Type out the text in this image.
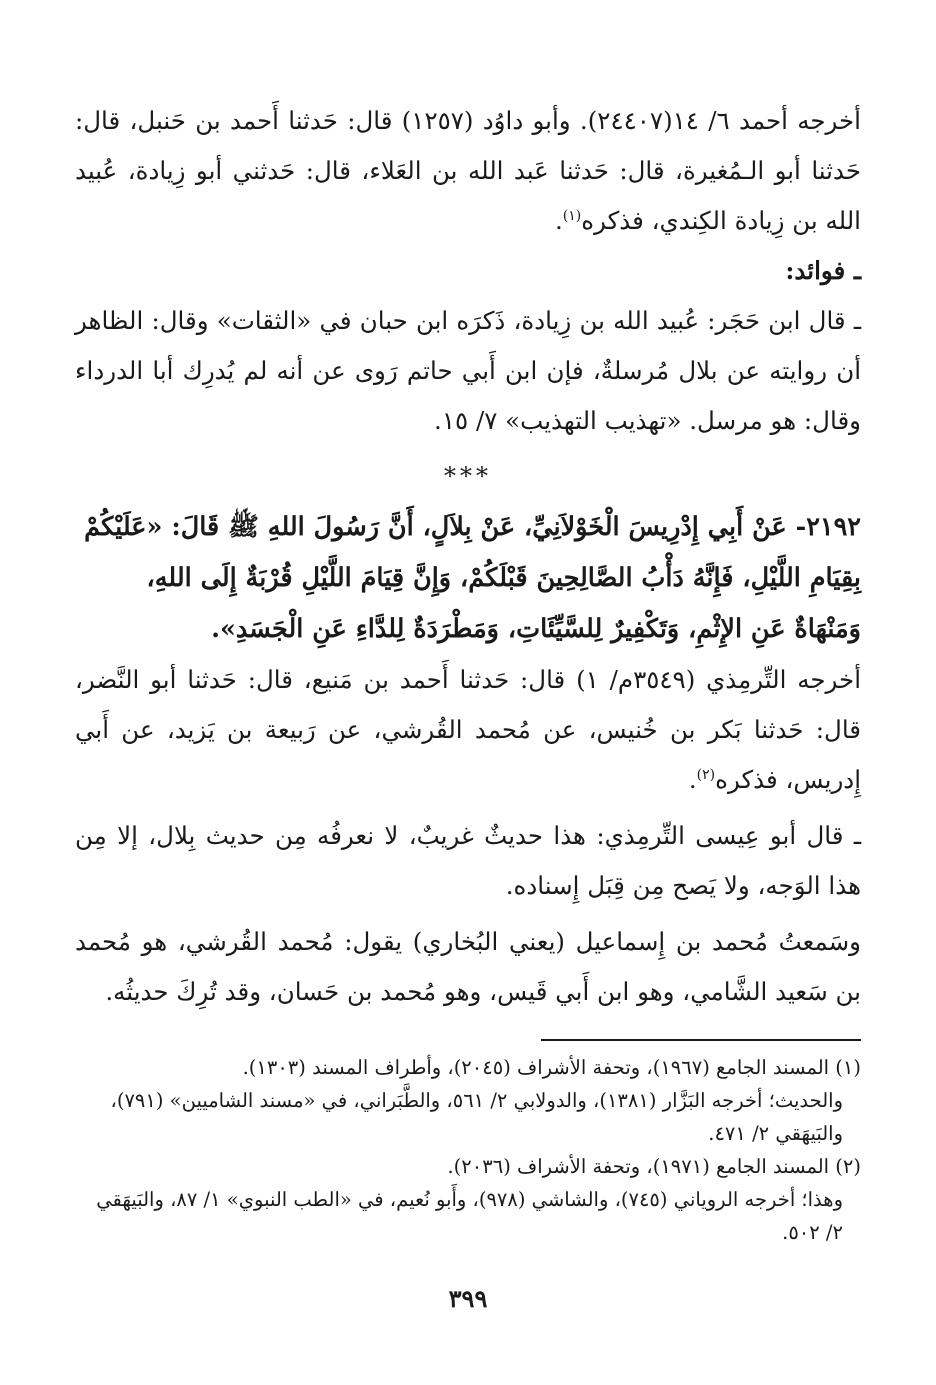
أخرجه أحمد ٦/ ١٤(٢٤٤٠٧). وأبو داوُد (١٢٥٧) قال: حَدثنا أَحمد بن حَنبل، قال: حَدثنا أبو الـمُغيرة، قال: حَدثنا عَبد الله بن العَلاء، قال: حَدثني أبو زِيادة، عُبيد الله بن زِيادة الكِندي، فذكره$^{(١)}$.

ـ فوائد:

ـ قال ابن حَجَر: عُبيد الله بن زِيادة، ذَكرَه ابن حبان في «الثقات» وقال: الظاهر أن روايته عن بلال مُرسلةٌ، فإن ابن أَبي حاتم رَوى عن أنه لم يُدرِك أبا الدرداء وقال: هو مرسل. «تهذيب التهذيب» ٧/ ١٥.

***

٢١٩٢- عَنْ أَبِي إِدْرِيسَ الْخَوْلاَنِيِّ، عَنْ بِلاَلٍ، أَنَّ رَسُولَ اللهِ ﷺ قَالَ: «عَلَيْكُمْ بِقِيَامِ اللَّيْلِ، فَإِنَّهُ دَأْبُ الصَّالِحِينَ قَبْلَكُمْ، وَإِنَّ قِيَامَ اللَّيْلِ قُرْبَةٌ إِلَى اللهِ، وَمَنْهَاةٌ عَنِ الإِثْمِ، وَتَكْفِيرٌ لِلسَّيِّئَاتِ، وَمَطْرَدَةٌ لِلدَّاءِ عَنِ الْجَسَدِ».

أخرجه التِّرمِذي (٣٥٤٩م/ ١) قال: حَدثنا أَحمد بن مَنيع، قال: حَدثنا أبو النَّضر، قال: حَدثنا بَكر بن خُنيس، عن مُحمد القُرشي، عن رَبيعة بن يَزيد، عن أَبي إِدريس، فذكره$^{(٢)}$.

ـ قال أبو عِيسى التِّرمِذي: هذا حديثٌ غريبٌ، لا نعرفُه مِن حديث بِلال، إلا مِن هذا الوَجه، ولا يَصح مِن قِبَل إِسناده.

وسَمعتُ مُحمد بن إِسماعيل (يعني البُخاري) يقول: مُحمد القُرشي، هو مُحمد بن سَعيد الشَّامي، وهو ابن أَبي قَيس، وهو مُحمد بن حَسان، وقد تُرِكَ حديثُه.

(١) المسند الجامع (١٩٦٧)، وتحفة الأشراف (٢٠٤٥)، وأطراف المسند (١٣٠٣).

والحديث؛ أخرجه البَزَّار (١٣٨١)، والدولابي ٢/ ٥٦١، والطَّبَراني، في «مسند الشاميين» (٧٩١)، والبَيهَقي ٢/ ٤٧١.

(٢) المسند الجامع (١٩٧١)، وتحفة الأشراف (٢٠٣٦).

وهذا؛ أخرجه الروياني (٧٤٥)، والشاشي (٩٧٨)، وأَبو نُعيم، في «الطب النبوي» ١/ ٨٧، والبَيهَقي ٢/ ٥٠٢.

٣٩٩
